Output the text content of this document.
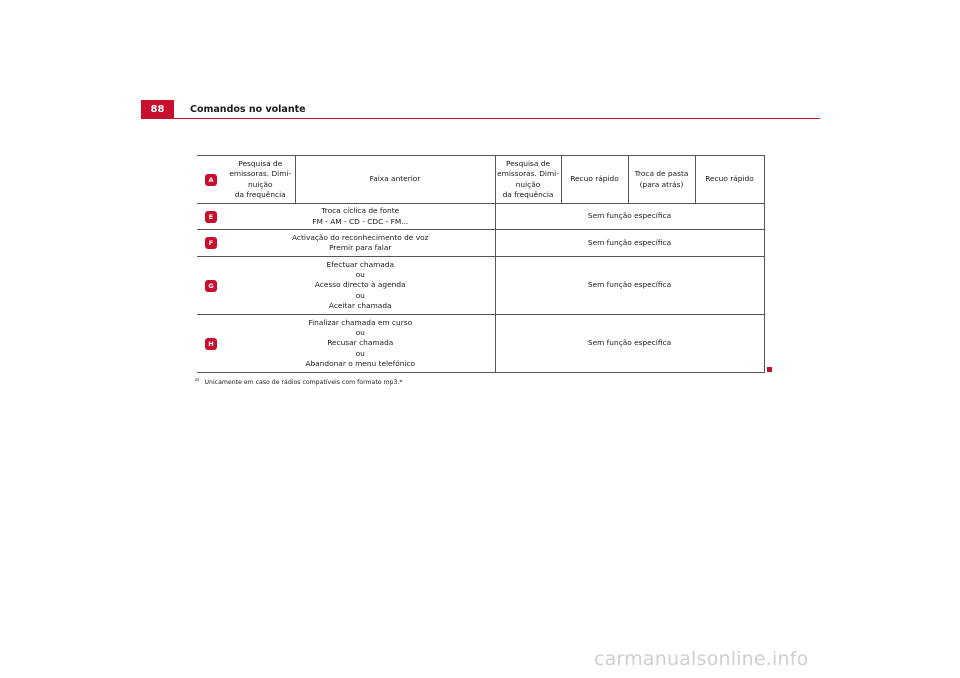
88	Comandos no volante
A	Pesquisa de
emissoras. Dimi-
nuição
da frequência	Faixa anterior	Pesquisa de
emissoras. Dimi-
nuição
da frequência	Recuo rápido	Troca de pasta
(para atrás)	Recuo rápido

E	Troca cíclica de fonte
FM - AM - CD - CDC - FM...		Sem função específica			

F	Activação do reconhecimento de voz
Premir para falar		Sem função específica			

G	Efectuar chamada
ou
Acesso directo à agenda
ou
Aceitar chamada		Sem função específica			

H	Finalizar chamada em curso
ou
Recusar chamada
ou
Abandonar o menu telefónico		Sem função específica			
$^{a)}$ Unicamente em caso de rádios compatíveis com formato mp3.*
carmanualsonline.info
